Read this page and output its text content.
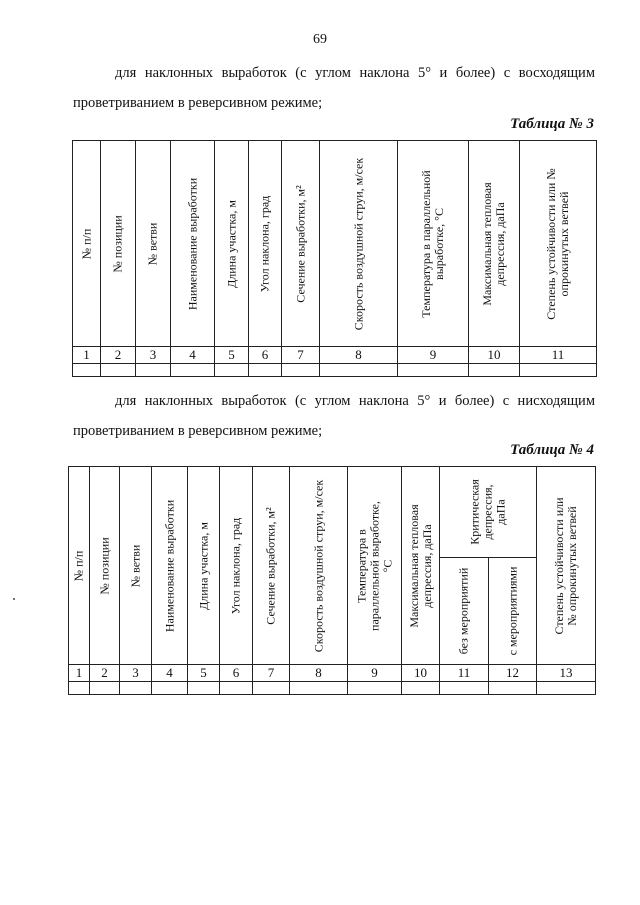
69
для наклонных выработок (с углом наклона 5° и более) с восходящим
проветриванием в реверсивном режиме;
Таблица № 3
№ п/п	№ позиции	№ ветви	Наименование выработки	Длина участка, м	Угол наклона, град	Сечение выработки, м²	Скорость воздушной струи, м/сек	Температура в параллельной выработке, °С	Максимальная тепловая депрессия, даПа	Степень устойчивости или № опрокинутых ветвей

1	2	3	4	5	6	7	8	9	10	11

для наклонных выработок (с углом наклона 5° и более) с нисходящим
проветриванием в реверсивном режиме;
Таблица № 4
№ п/п	№ позиции	№ ветви	Наименование выработки	Длина участка, м	Угол наклона, град	Сечение выработки, м²	Скорость воздушной струи, м/сек	Температура в параллельной выработке, °С	Максимальная тепловая депрессия, даПа	Критическая депрессия, даПа		Степень устойчивости или № опрокинутых ветвей

										без мероприятий	с мероприятиями	

1	2	3	4	5	6	7	8	9	10	11	12	13
